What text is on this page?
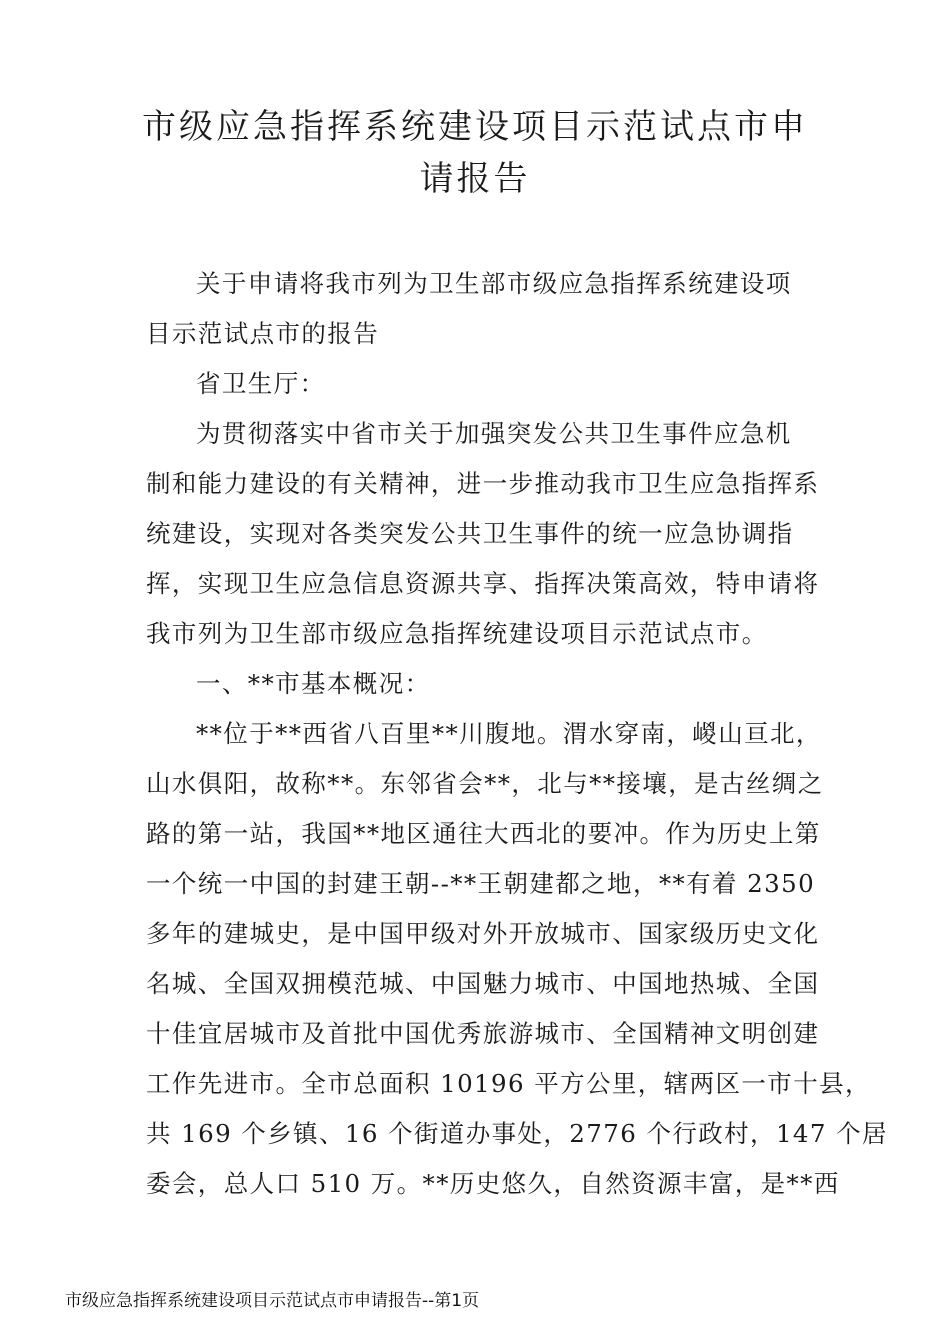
市级应急指挥系统建设项目示范试点市申
请报告
关于申请将我市列为卫生部市级应急指挥系统建设项
目示范试点市的报告
省卫生厅：
为贯彻落实中省市关于加强突发公共卫生事件应急机
制和能力建设的有关精神，进一步推动我市卫生应急指挥系
统建设，实现对各类突发公共卫生事件的统一应急协调指
挥，实现卫生应急信息资源共享、指挥决策高效，特申请将
我市列为卫生部市级应急指挥统建设项目示范试点市。
一、**市基本概况：
**位于**西省八百里**川腹地。渭水穿南，嵕山亘北，
山水俱阳，故称**。东邻省会**，北与**接壤，是古丝绸之
路的第一站，我国**地区通往大西北的要冲。作为历史上第
一个统一中国的封建王朝--**王朝建都之地，**有着 2350
多年的建城史，是中国甲级对外开放城市、国家级历史文化
名城、全国双拥模范城、中国魅力城市、中国地热城、全国
十佳宜居城市及首批中国优秀旅游城市、全国精神文明创建
工作先进市。全市总面积 10196 平方公里，辖两区一市十县，
共 169 个乡镇、16 个街道办事处，2776 个行政村，147 个居
委会，总人口 510 万。**历史悠久，自然资源丰富，是**西
市级应急指挥系统建设项目示范试点市申请报告--第1页
